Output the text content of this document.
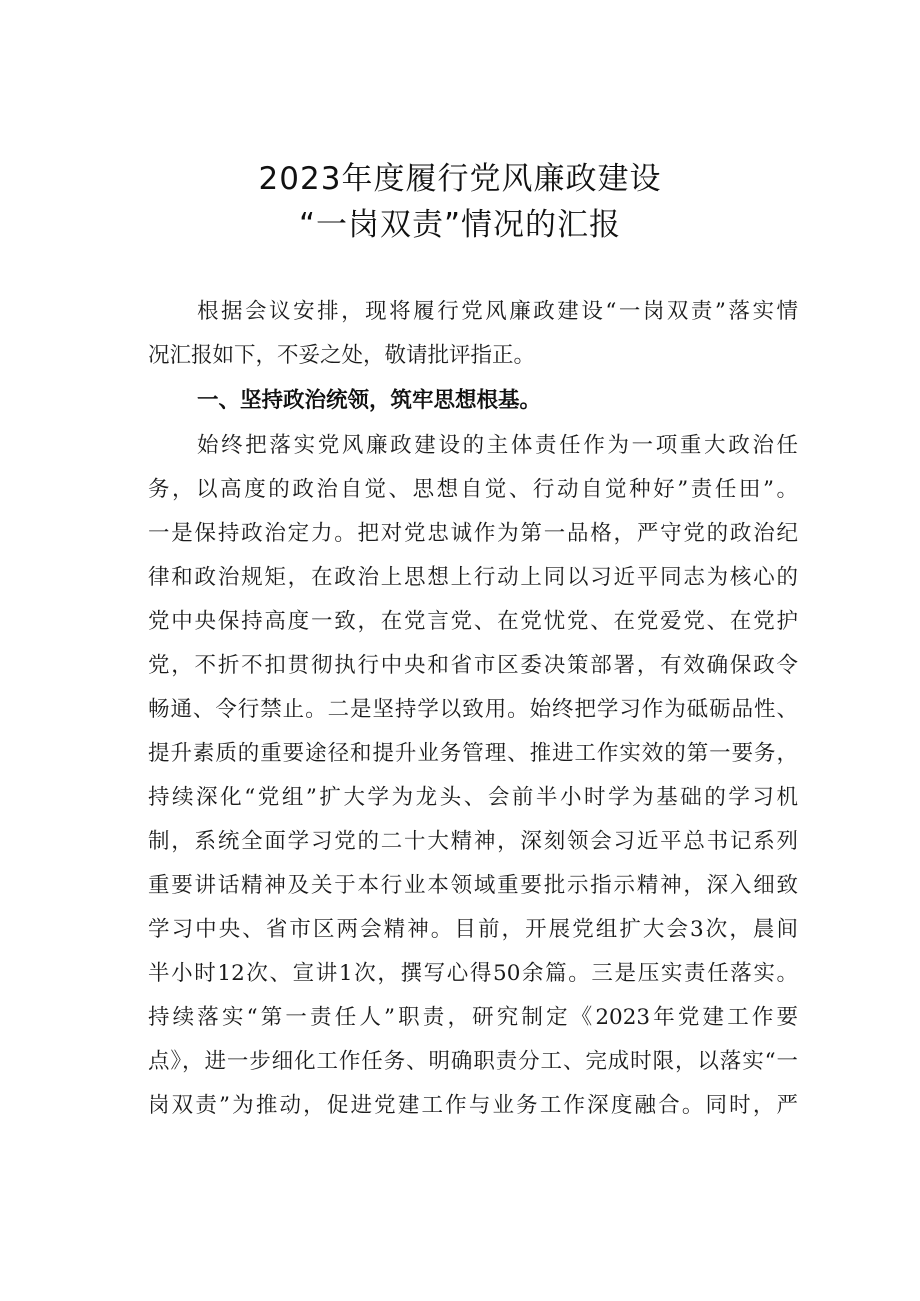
2023年度履行党风廉政建设
“一岗双责”情况的汇报
根据会议安排，现将履行党风廉政建设“一岗双责”落实情
况汇报如下，不妥之处，敬请批评指正。
一、坚持政治统领，筑牢思想根基。
始终把落实党风廉政建设的主体责任作为一项重大政治任
务，以高度的政治自觉、思想自觉、行动自觉种好”责任田”。
一是保持政治定力。把对党忠诚作为第一品格，严守党的政治纪
律和政治规矩，在政治上思想上行动上同以习近平同志为核心的
党中央保持高度一致，在党言党、在党忧党、在党爱党、在党护
党，不折不扣贯彻执行中央和省市区委决策部署，有效确保政令
畅通、令行禁止。二是坚持学以致用。始终把学习作为砥砺品性、
提升素质的重要途径和提升业务管理、推进工作实效的第一要务，
持续深化“党组”扩大学为龙头、会前半小时学为基础的学习机
制，系统全面学习党的二十大精神，深刻领会习近平总书记系列
重要讲话精神及关于本行业本领域重要批示指示精神，深入细致
学习中央、省市区两会精神。目前，开展党组扩大会3次，晨间
半小时12次、宣讲1次，撰写心得50余篇。三是压实责任落实。
持续落实“第一责任人”职责，研究制定《2023年党建工作要
点》，进一步细化工作任务、明确职责分工、完成时限，以落实“一
岗双责”为推动，促进党建工作与业务工作深度融合。同时，严
